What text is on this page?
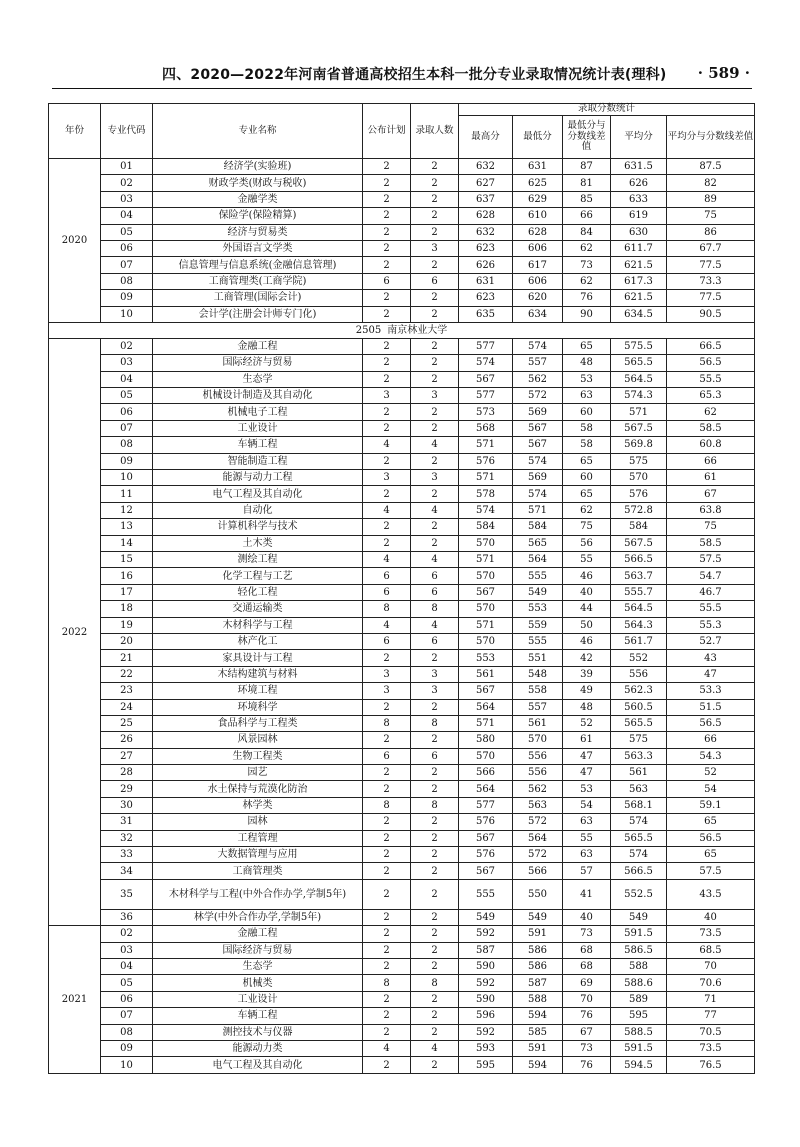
四、2020—2022年河南省普通高校招生本科一批分专业录取情况统计表(理科) · 589 ·
年份	专业代码	专业名称	公布计划	录取人数	录取分数统计				
					最高分	最低分	最低分与分数线差值	平均分	平均分与分数线差值
2020	01	经济学(实验班)	2	2	632	631	87	631.5	87.5
	02	财政学类(财政与税收)	2	2	627	625	81	626	82
	03	金融学类	2	2	637	629	85	633	89
	04	保险学(保险精算)	2	2	628	610	66	619	75
	05	经济与贸易类	2	2	632	628	84	630	86
	06	外国语言文学类	2	3	623	606	62	611.7	67.7
	07	信息管理与信息系统(金融信息管理)	2	2	626	617	73	621.5	77.5
	08	工商管理类(工商学院)	6	6	631	606	62	617.3	73.3
	09	工商管理(国际会计)	2	2	623	620	76	621.5	77.5
	10	会计学(注册会计师专门化)	2	2	635	634	90	634.5	90.5
2505 南京林业大学									
2022	02	金融工程	2	2	577	574	65	575.5	66.5
	03	国际经济与贸易	2	2	574	557	48	565.5	56.5
	04	生态学	2	2	567	562	53	564.5	55.5
	05	机械设计制造及其自动化	3	3	577	572	63	574.3	65.3
	06	机械电子工程	2	2	573	569	60	571	62
	07	工业设计	2	2	568	567	58	567.5	58.5
	08	车辆工程	4	4	571	567	58	569.8	60.8
	09	智能制造工程	2	2	576	574	65	575	66
	10	能源与动力工程	3	3	571	569	60	570	61
	11	电气工程及其自动化	2	2	578	574	65	576	67
	12	自动化	4	4	574	571	62	572.8	63.8
	13	计算机科学与技术	2	2	584	584	75	584	75
	14	土木类	2	2	570	565	56	567.5	58.5
	15	测绘工程	4	4	571	564	55	566.5	57.5
	16	化学工程与工艺	6	6	570	555	46	563.7	54.7
	17	轻化工程	6	6	567	549	40	555.7	46.7
	18	交通运输类	8	8	570	553	44	564.5	55.5
	19	木材科学与工程	4	4	571	559	50	564.3	55.3
	20	林产化工	6	6	570	555	46	561.7	52.7
	21	家具设计与工程	2	2	553	551	42	552	43
	22	木结构建筑与材料	3	3	561	548	39	556	47
	23	环境工程	3	3	567	558	49	562.3	53.3
	24	环境科学	2	2	564	557	48	560.5	51.5
	25	食品科学与工程类	8	8	571	561	52	565.5	56.5
	26	风景园林	2	2	580	570	61	575	66
	27	生物工程类	6	6	570	556	47	563.3	54.3
	28	园艺	2	2	566	556	47	561	52
	29	水土保持与荒漠化防治	2	2	564	562	53	563	54
	30	林学类	8	8	577	563	54	568.1	59.1
	31	园林	2	2	576	572	63	574	65
	32	工程管理	2	2	567	564	55	565.5	56.5
	33	大数据管理与应用	2	2	576	572	63	574	65
	34	工商管理类	2	2	567	566	57	566.5	57.5
	35	木材科学与工程(中外合作办学,学制5年)	2	2	555	550	41	552.5	43.5
	36	林学(中外合作办学,学制5年)	2	2	549	549	40	549	40
2021	02	金融工程	2	2	592	591	73	591.5	73.5
	03	国际经济与贸易	2	2	587	586	68	586.5	68.5
	04	生态学	2	2	590	586	68	588	70
	05	机械类	8	8	592	587	69	588.6	70.6
	06	工业设计	2	2	590	588	70	589	71
	07	车辆工程	2	2	596	594	76	595	77
	08	测控技术与仪器	2	2	592	585	67	588.5	70.5
	09	能源动力类	4	4	593	591	73	591.5	73.5
	10	电气工程及其自动化	2	2	595	594	76	594.5	76.5
